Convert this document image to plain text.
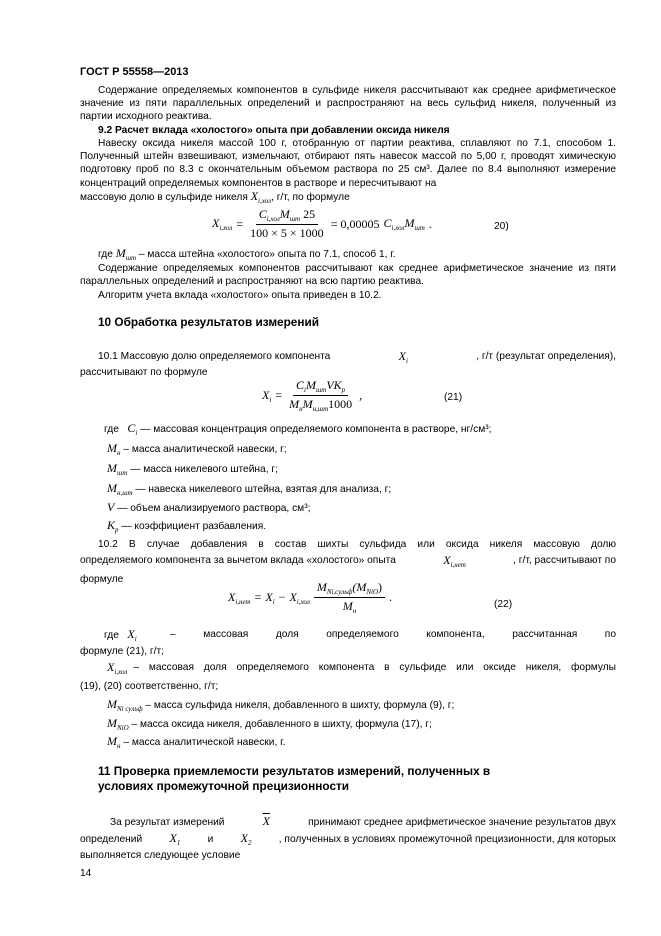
ГОСТ Р 55558—2013
Содержание определяемых компонентов в сульфиде никеля рассчитывают как среднее арифметическое значение из пяти параллельных определений и распространяют на весь сульфид никеля, полученный из партии исходного реактива.
9.2 Расчет вклада «холостого» опыта при добавлении оксида никеля
Навеску оксида никеля массой 100 г, отобранную от партии реактива, сплавляют по 7.1, способом 1. Полученный штейн взвешивают, измельчают, отбирают пять навесок массой по 5,00 г, проводят химическую подготовку проб по 8.3 с окончательным объемом раствора по 25 см³. Далее по 8.4 выполняют измерение концентраций определяемых компонентов в растворе и пересчитывают на
массовую долю в сульфиде никеля $X_{i,хол}$, г/т, по формуле
$X_{i,хол} = \frac{C_{i,хол}M_{шт} 25}{100 \times 5 \times 1000} = 0,00005$ $C_{i,хол}M_{шт}$ .	20)
где $M_{шт}$ – масса штейна «холостого» опыта по 7.1, способ 1, г.
Содержание определяемых компонентов рассчитывают как среднее арифметическое значение из пяти параллельных определений и распространяют на всю партию реактива.
Алгоритм учета вклада «холостого» опыта приведен в 10.2.
10 Обработка результатов измерений
10.1 Массовую долю определяемого компонента	$X_i$	, г/т (результат определения),
рассчитывают по формуле
$X_i = \frac{C_iM_{шт}VK_p}{M_нM_{н,шт}1000}$ ,	(21)
где $C_i$ — массовая концентрация определяемого компонента в растворе, нг/см³;
$M_н$ – масса аналитической навески, г;
$M_{шт}$ — масса никелевого штейна, г;
$M_{н,шт}$ — навеска никелевого штейна, взятая для анализа, г;
V — объем анализируемого раствора, см³;
$K_p$ — коэффициент разбавления.
10.2 В случае добавления в состав шихты сульфида или оксида никеля массовую долю
определяемого компонента за вычетом вклада «холостого» опыта	$X_{i,нет}$	, г/т, рассчитывают по
формуле
$X_{i,нет} = X_i - X_{i,хол} \frac{M_{Ni,сульф}(M_{NiO})}{M_н}$ .
(22)
где $X_i$	– массовая доля определяемого компонента, рассчитанная по
формуле (21), г/т;
$X_{i,хол}$ – массовая доля определяемого компонента в сульфиде или оксиде никеля, формулы
(19), (20) соответственно, г/т;
$M_{Ni сульф}$ – масса сульфида никеля, добавленного в шихту, формула (9), г;
$M_{NiO}$ – масса оксида никеля, добавленного в шихту, формула (17), г;
$M_н$ – масса аналитической навески, г.
11 Проверка приемлемости результатов измерений, полученных в
условиях промежуточной прецизионности
За результат измерений	$\overline{X}$	принимают среднее арифметическое значение результатов двух
определений $X_1$	и $X_2$	, полученных в условиях промежуточной прецизионности, для которых
выполняется следующее условие
14
